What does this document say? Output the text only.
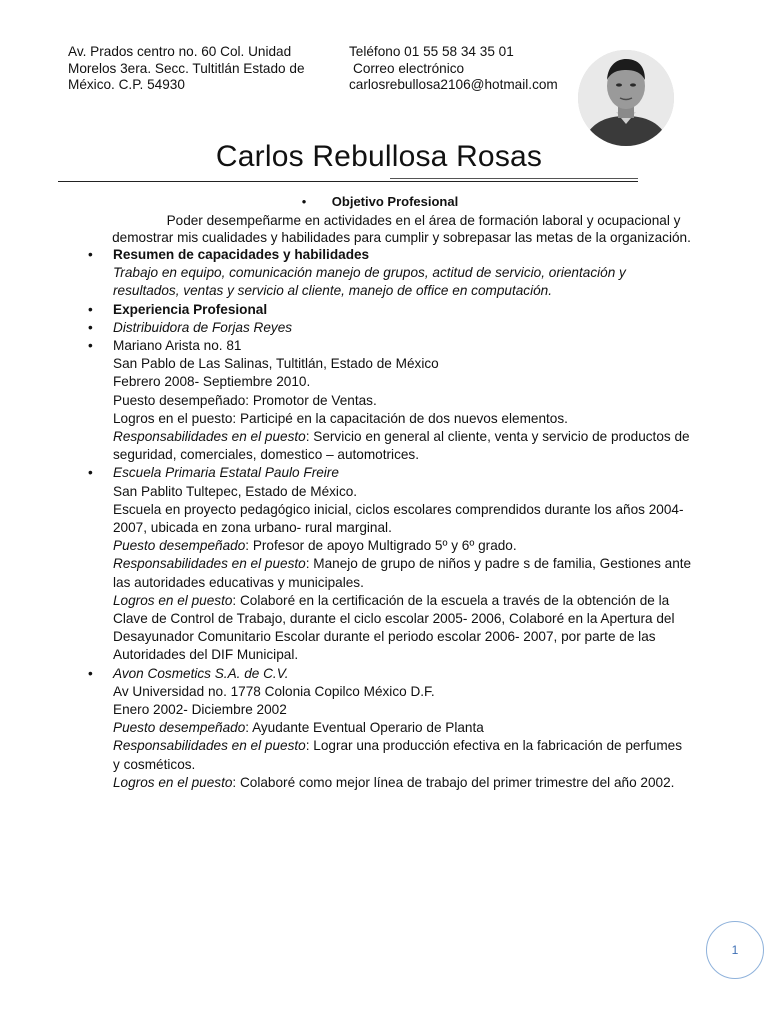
Av. Prados centro no. 60 Col. Unidad
Morelos 3era. Secc. Tultitlán Estado de
México. C.P. 54930
Teléfono 01 55 58 34 35 01
Correo electrónico
carlosrebullosa2106@hotmail.com
Carlos Rebullosa Rosas
• Objetivo Profesional
Poder desempeñarme en actividades en el área de formación laboral y ocupacional y
demostrar mis cualidades y habilidades para cumplir y sobrepasar las metas de la organización.
•	Resumen de capacidades y habilidades
Trabajo en equipo, comunicación manejo de grupos, actitud de servicio, orientación y
resultados, ventas y servicio al cliente, manejo de office en computación.
•	Experiencia Profesional
•	Distribuidora de Forjas Reyes
•	Mariano Arista no. 81
San Pablo de Las Salinas, Tultitlán, Estado de México
Febrero 2008- Septiembre 2010.
Puesto desempeñado: Promotor de Ventas.
Logros en el puesto: Participé en la capacitación de dos nuevos elementos.
Responsabilidades en el puesto: Servicio en general al cliente, venta y servicio de productos de
seguridad, comerciales, domestico – automotrices.
•	Escuela Primaria Estatal Paulo Freire
San Pablito Tultepec, Estado de México.
Escuela en proyecto pedagógico inicial, ciclos escolares comprendidos durante los años 2004-
2007, ubicada en zona urbano- rural marginal.
Puesto desempeñado: Profesor de apoyo Multigrado 5º y 6º grado.
Responsabilidades en el puesto: Manejo de grupo de niños y padre s de familia, Gestiones ante
las autoridades educativas y municipales.
Logros en el puesto: Colaboré en la certificación de la escuela a través de la obtención de la
Clave de Control de Trabajo, durante el ciclo escolar 2005- 2006, Colaboré en la Apertura del
Desayunador Comunitario Escolar durante el periodo escolar 2006- 2007, por parte de las
Autoridades del DIF Municipal.
•	Avon Cosmetics S.A. de C.V.
Av Universidad no. 1778 Colonia Copilco México D.F.
Enero 2002- Diciembre 2002
Puesto desempeñado: Ayudante Eventual Operario de Planta
Responsabilidades en el puesto: Lograr una producción efectiva en la fabricación de perfumes
y cosméticos.
Logros en el puesto: Colaboré como mejor línea de trabajo del primer trimestre del año 2002.
1
